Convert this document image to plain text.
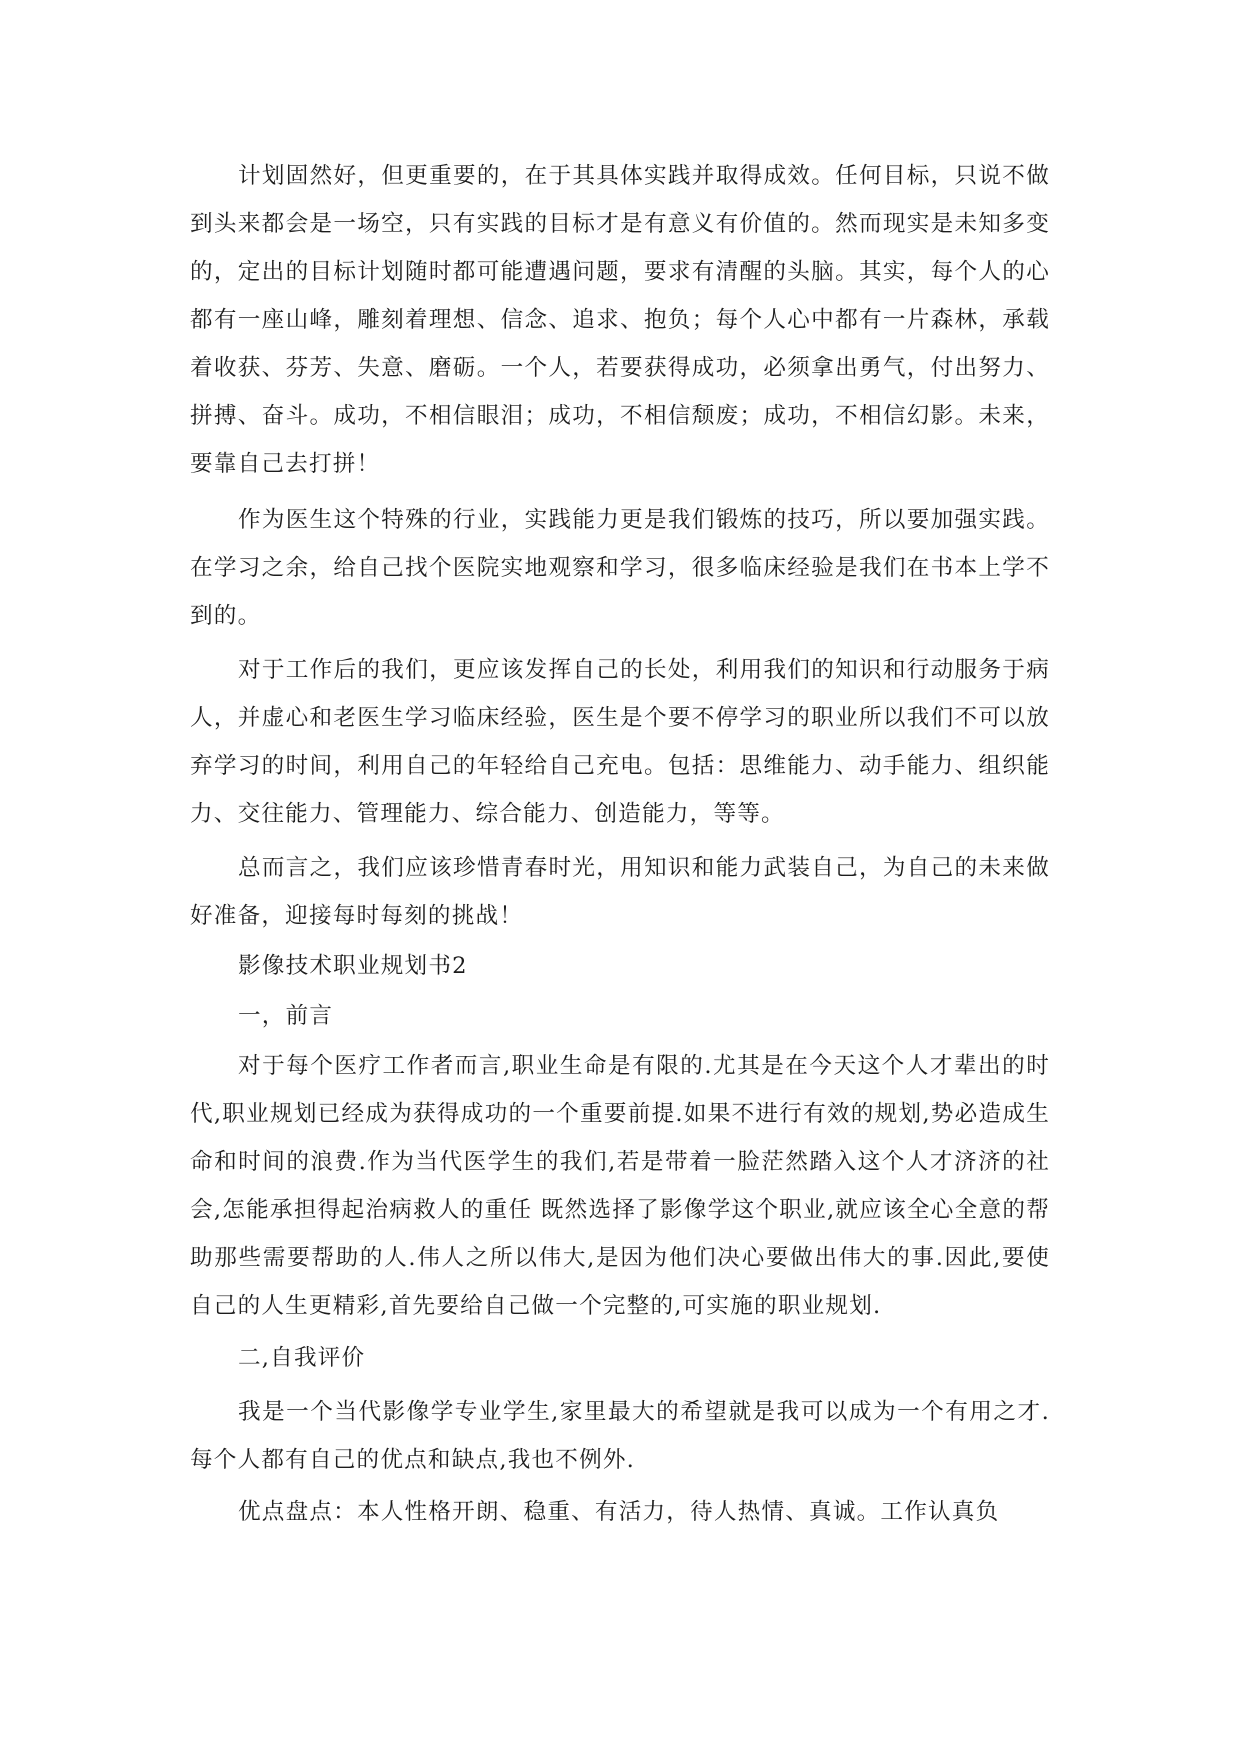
计划固然好，但更重要的，在于其具体实践并取得成效。任何目标，只说不做到头来都会是一场空，只有实践的目标才是有意义有价值的。然而现实是未知多变的，定出的目标计划随时都可能遭遇问题，要求有清醒的头脑。其实，每个人的心都有一座山峰，雕刻着理想、信念、追求、抱负；每个人心中都有一片森林，承载着收获、芬芳、失意、磨砺。一个人，若要获得成功，必须拿出勇气，付出努力、拼搏、奋斗。成功，不相信眼泪；成功，不相信颓废；成功，不相信幻影。未来，要靠自己去打拼！

作为医生这个特殊的行业，实践能力更是我们锻炼的技巧，所以要加强实践。在学习之余，给自己找个医院实地观察和学习，很多临床经验是我们在书本上学不到的。

对于工作后的我们，更应该发挥自己的长处，利用我们的知识和行动服务于病人，并虚心和老医生学习临床经验，医生是个要不停学习的职业所以我们不可以放弃学习的时间，利用自己的年轻给自己充电。包括：思维能力、动手能力、组织能力、交往能力、管理能力、综合能力、创造能力，等等。

总而言之，我们应该珍惜青春时光，用知识和能力武装自己，为自己的未来做好准备，迎接每时每刻的挑战！

影像技术职业规划书2

一，前言

对于每个医疗工作者而言,职业生命是有限的.尤其是在今天这个人才辈出的时代,职业规划已经成为获得成功的一个重要前提.如果不进行有效的规划,势必造成生命和时间的浪费.作为当代医学生的我们,若是带着一脸茫然踏入这个人才济济的社会,怎能承担得起治病救人的重任 既然选择了影像学这个职业,就应该全心全意的帮助那些需要帮助的人.伟人之所以伟大,是因为他们决心要做出伟大的事.因此,要使自己的人生更精彩,首先要给自己做一个完整的,可实施的职业规划.

二,自我评价

我是一个当代影像学专业学生,家里最大的希望就是我可以成为一个有用之才.每个人都有自己的优点和缺点,我也不例外.

优点盘点：本人性格开朗、稳重、有活力，待人热情、真诚。工作认真负
